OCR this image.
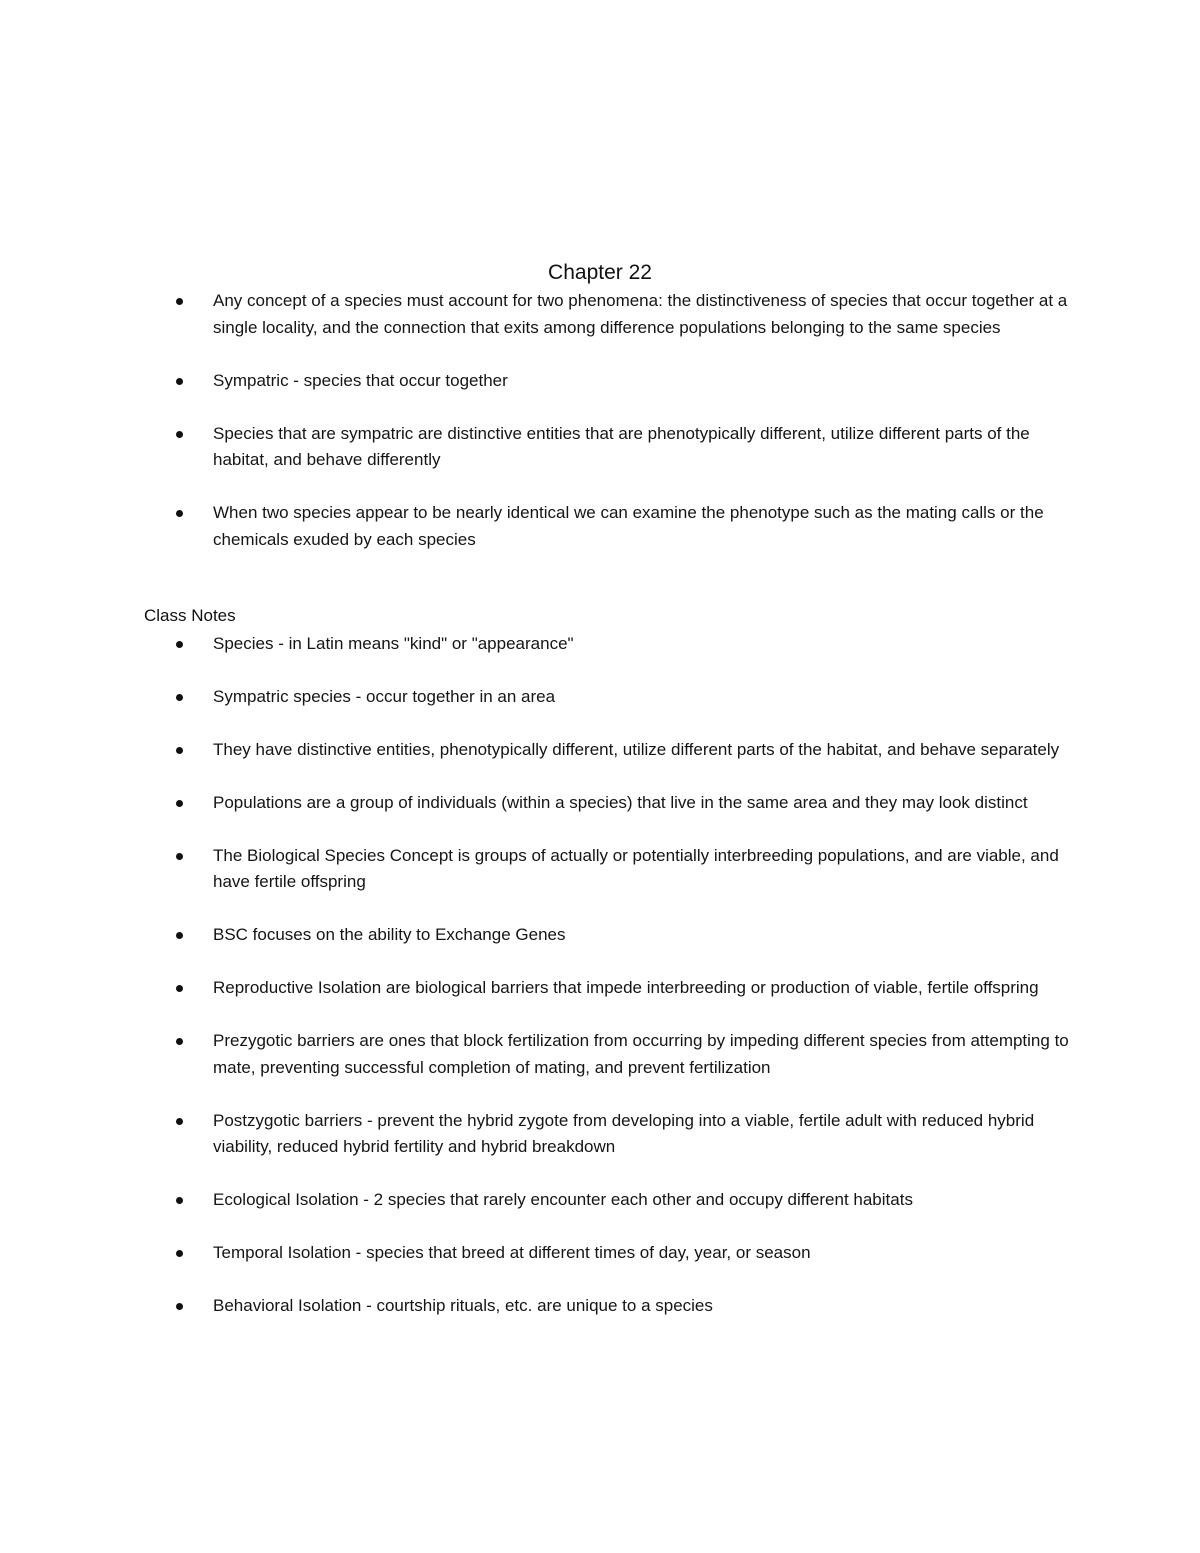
Chapter 22
Any concept of a species must account for two phenomena: the distinctiveness of species that occur together at a single locality, and the connection that exits among difference populations belonging to the same species
Sympatric - species that occur together
Species that are sympatric are distinctive entities that are phenotypically different, utilize different parts of the habitat, and behave differently
When two species appear to be nearly identical we can examine the phenotype such as the mating calls or the chemicals exuded by each species
Class Notes
Species - in Latin means "kind" or "appearance"
Sympatric species - occur together in an area
They have distinctive entities, phenotypically different, utilize different parts of the habitat, and behave separately
Populations are a group of individuals (within a species) that live in the same area and they may look distinct
The Biological Species Concept is groups of actually or potentially interbreeding populations, and are viable, and have fertile offspring
BSC focuses on the ability to Exchange Genes
Reproductive Isolation are biological barriers that impede interbreeding or production of viable, fertile offspring
Prezygotic barriers are ones that block fertilization from occurring by impeding different species from attempting to mate, preventing successful completion of mating, and prevent fertilization
Postzygotic barriers - prevent the hybrid zygote from developing into a viable, fertile adult with reduced hybrid viability, reduced hybrid fertility and hybrid breakdown
Ecological Isolation - 2 species that rarely encounter each other and occupy different habitats
Temporal Isolation - species that breed at different times of day, year, or season
Behavioral Isolation - courtship rituals, etc. are unique to a species
